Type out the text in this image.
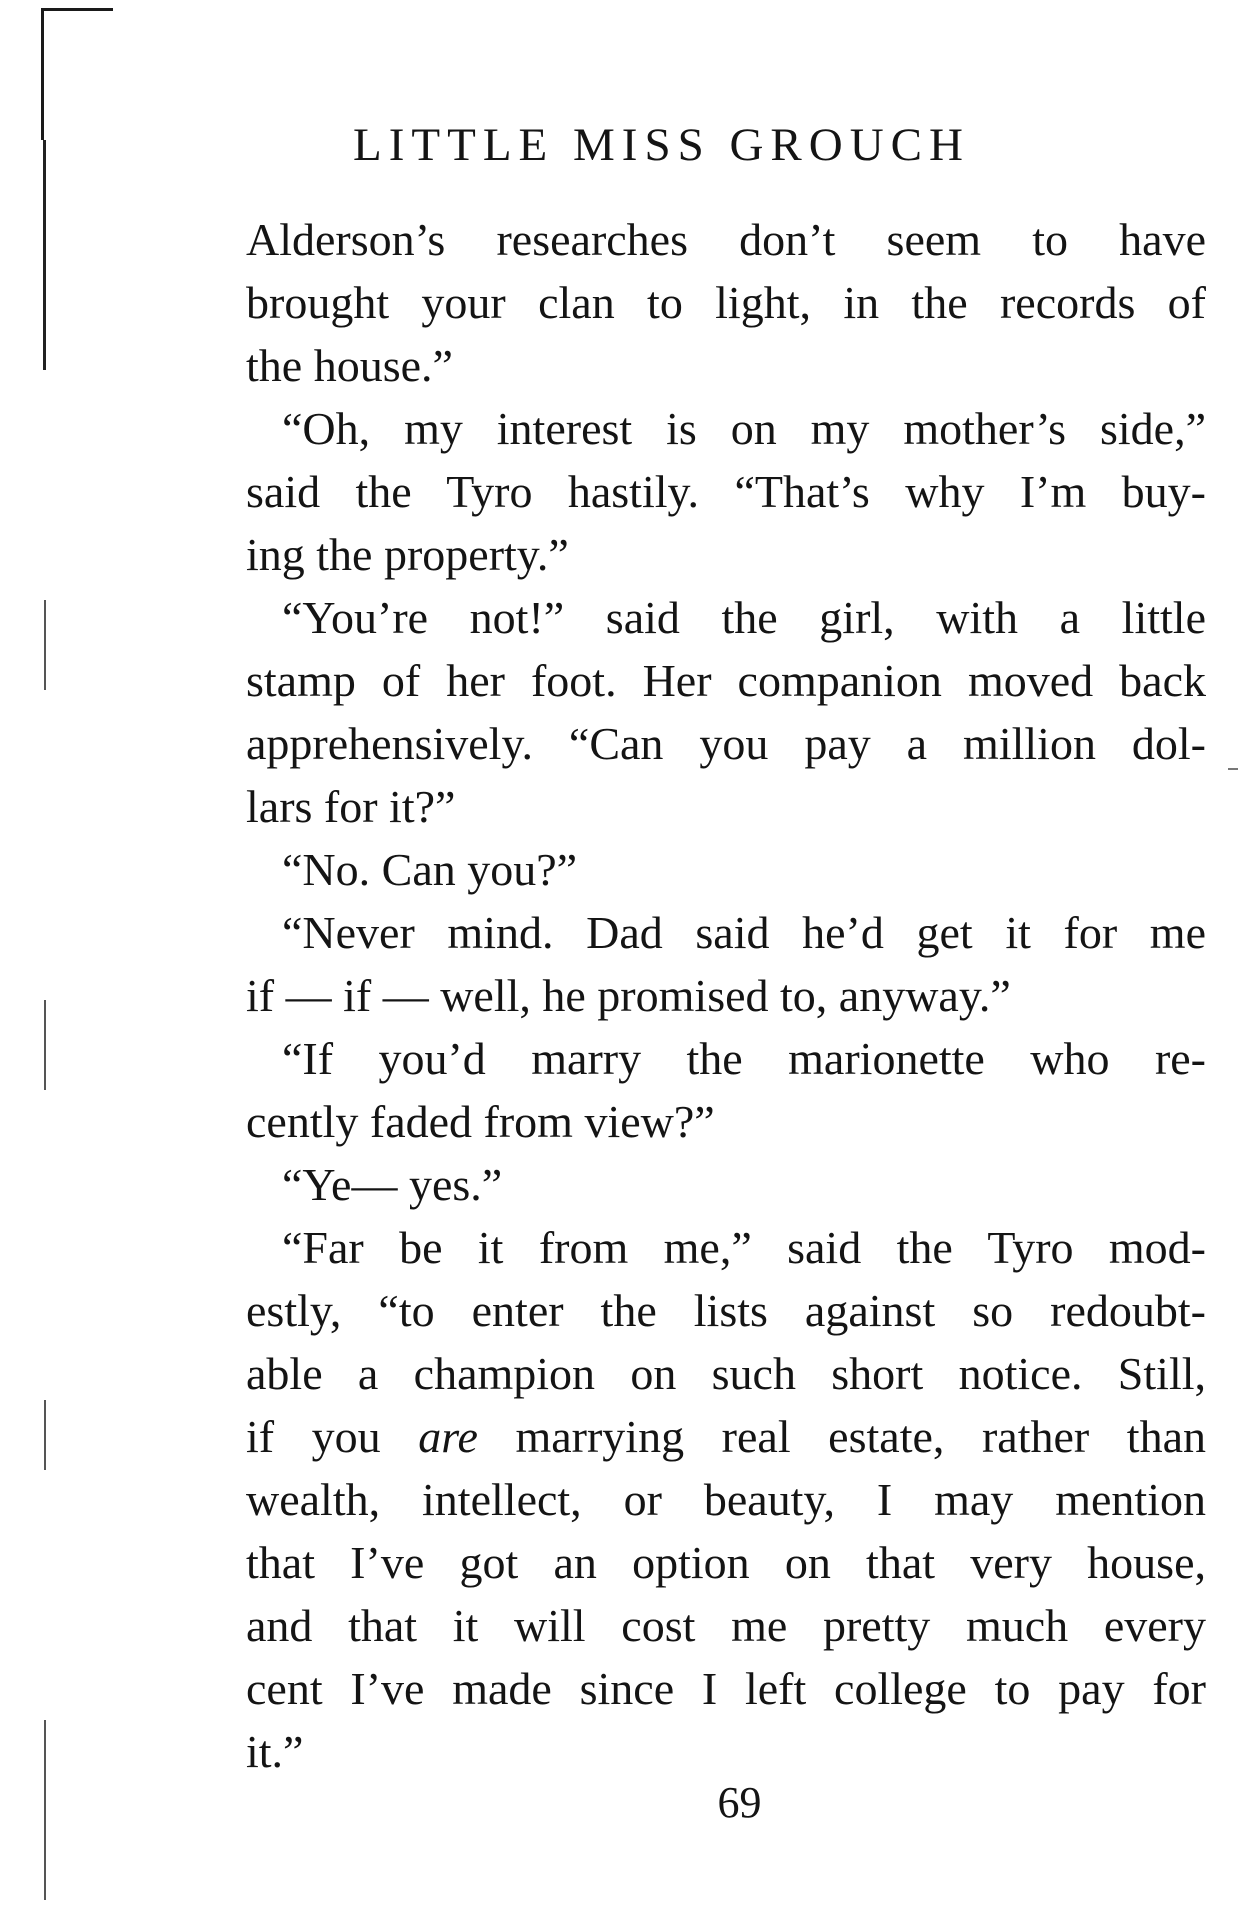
LITTLE MISS GROUCH
Alderson’s researches don’t seem to have
brought your clan to light, in the records of
the house.”
“Oh, my interest is on my mother’s side,”
said the Tyro hastily. “That’s why I’m buy-
ing the property.”
“You’re not!” said the girl, with a little
stamp of her foot. Her companion moved back
apprehensively. “Can you pay a million dol-
lars for it?”
“No. Can you?”
“Never mind. Dad said he’d get it for me
if — if — well, he promised to, anyway.”
“If you’d marry the marionette who re-
cently faded from view?”
“Ye— yes.”
“Far be it from me,” said the Tyro mod-
estly, “to enter the lists against so redoubt-
able a champion on such short notice. Still,
if you are marrying real estate, rather than
wealth, intellect, or beauty, I may mention
that I’ve got an option on that very house,
and that it will cost me pretty much every
cent I’ve made since I left college to pay for
it.”
69
